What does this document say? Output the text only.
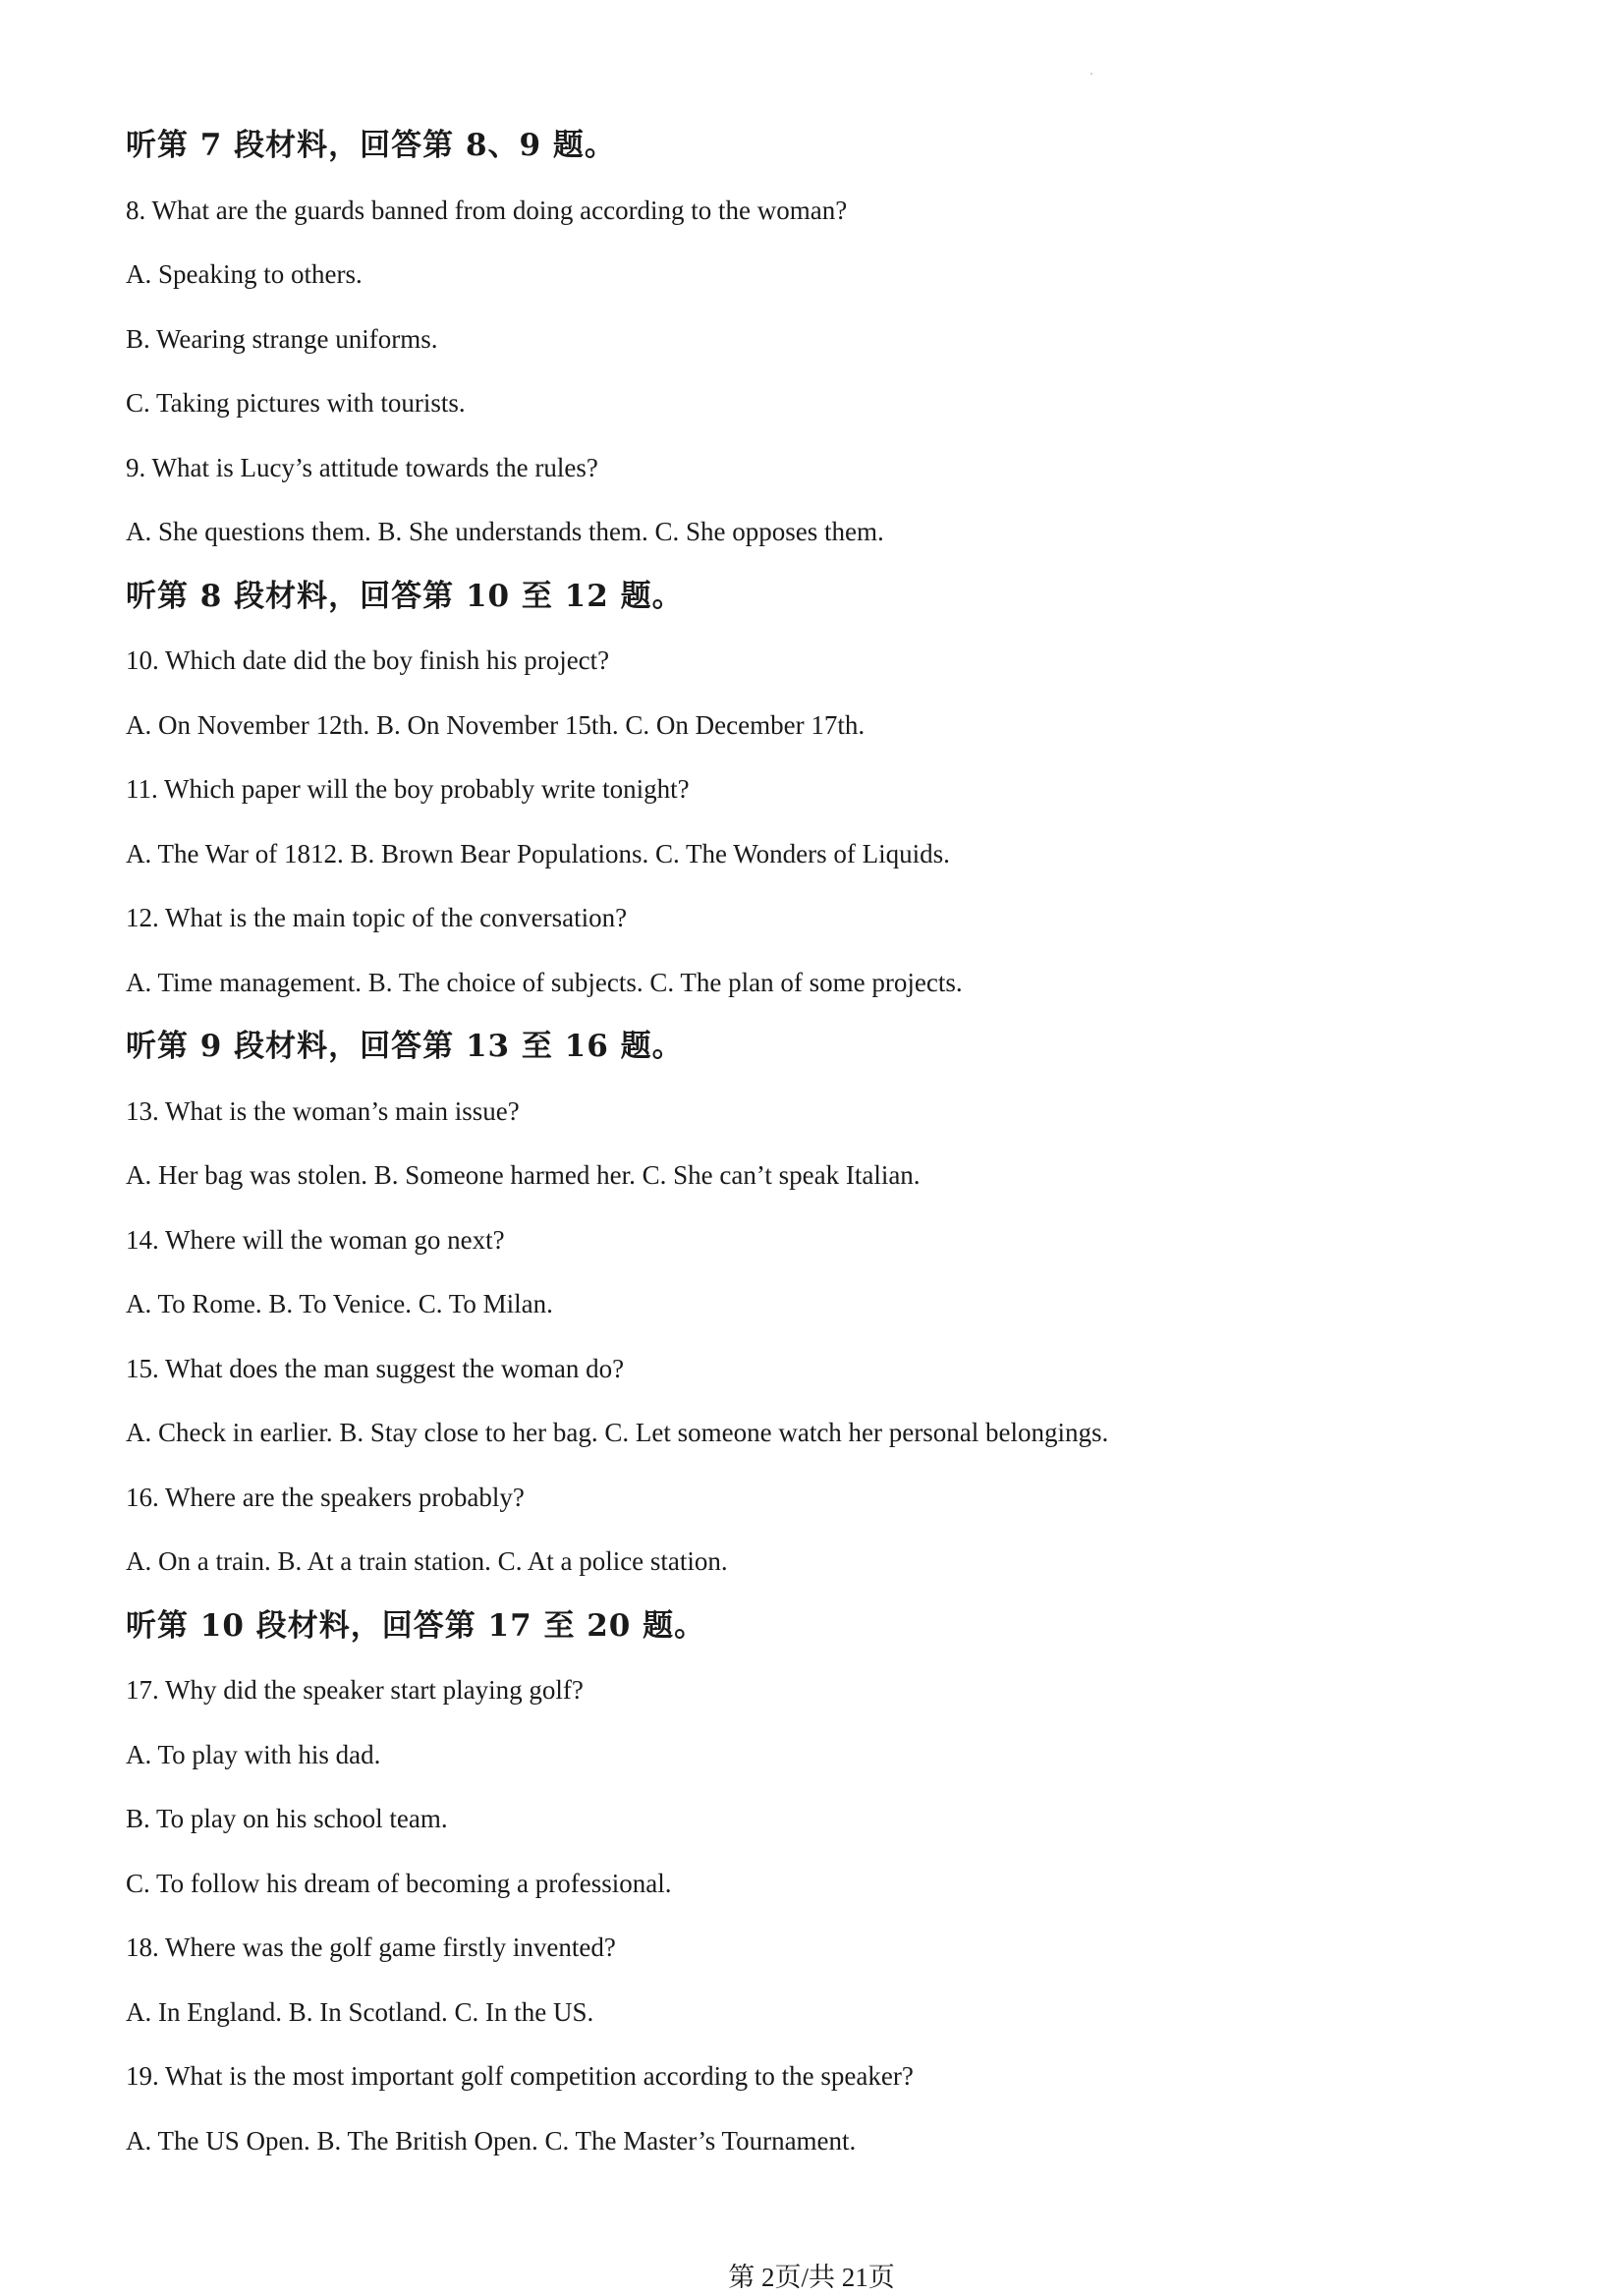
听第 7 段材料，回答第 8、9 题。
8. What are the guards banned from doing according to the woman?
A. Speaking to others.
B. Wearing strange uniforms.
C. Taking pictures with tourists.
9. What is Lucy’s attitude towards the rules?
A. She questions them. B. She understands them. C. She opposes them.
听第 8 段材料，回答第 10 至 12 题。
10. Which date did the boy finish his project?
A. On November 12th. B. On November 15th. C. On December 17th.
11. Which paper will the boy probably write tonight?
A. The War of 1812. B. Brown Bear Populations. C. The Wonders of Liquids.
12. What is the main topic of the conversation?
A. Time management. B. The choice of subjects. C. The plan of some projects.
听第 9 段材料，回答第 13 至 16 题。
13. What is the woman’s main issue?
A. Her bag was stolen. B. Someone harmed her. C. She can’t speak Italian.
14. Where will the woman go next?
A. To Rome. B. To Venice. C. To Milan.
15. What does the man suggest the woman do?
A. Check in earlier. B. Stay close to her bag. C. Let someone watch her personal belongings.
16. Where are the speakers probably?
A. On a train. B. At a train station. C. At a police station.
听第 10 段材料，回答第 17 至 20 题。
17. Why did the speaker start playing golf?
A. To play with his dad.
B. To play on his school team.
C. To follow his dream of becoming a professional.
18. Where was the golf game firstly invented?
A. In England. B. In Scotland. C. In the US.
19. What is the most important golf competition according to the speaker?
A. The US Open. B. The British Open. C. The Master’s Tournament.
第 2页/共 21页
